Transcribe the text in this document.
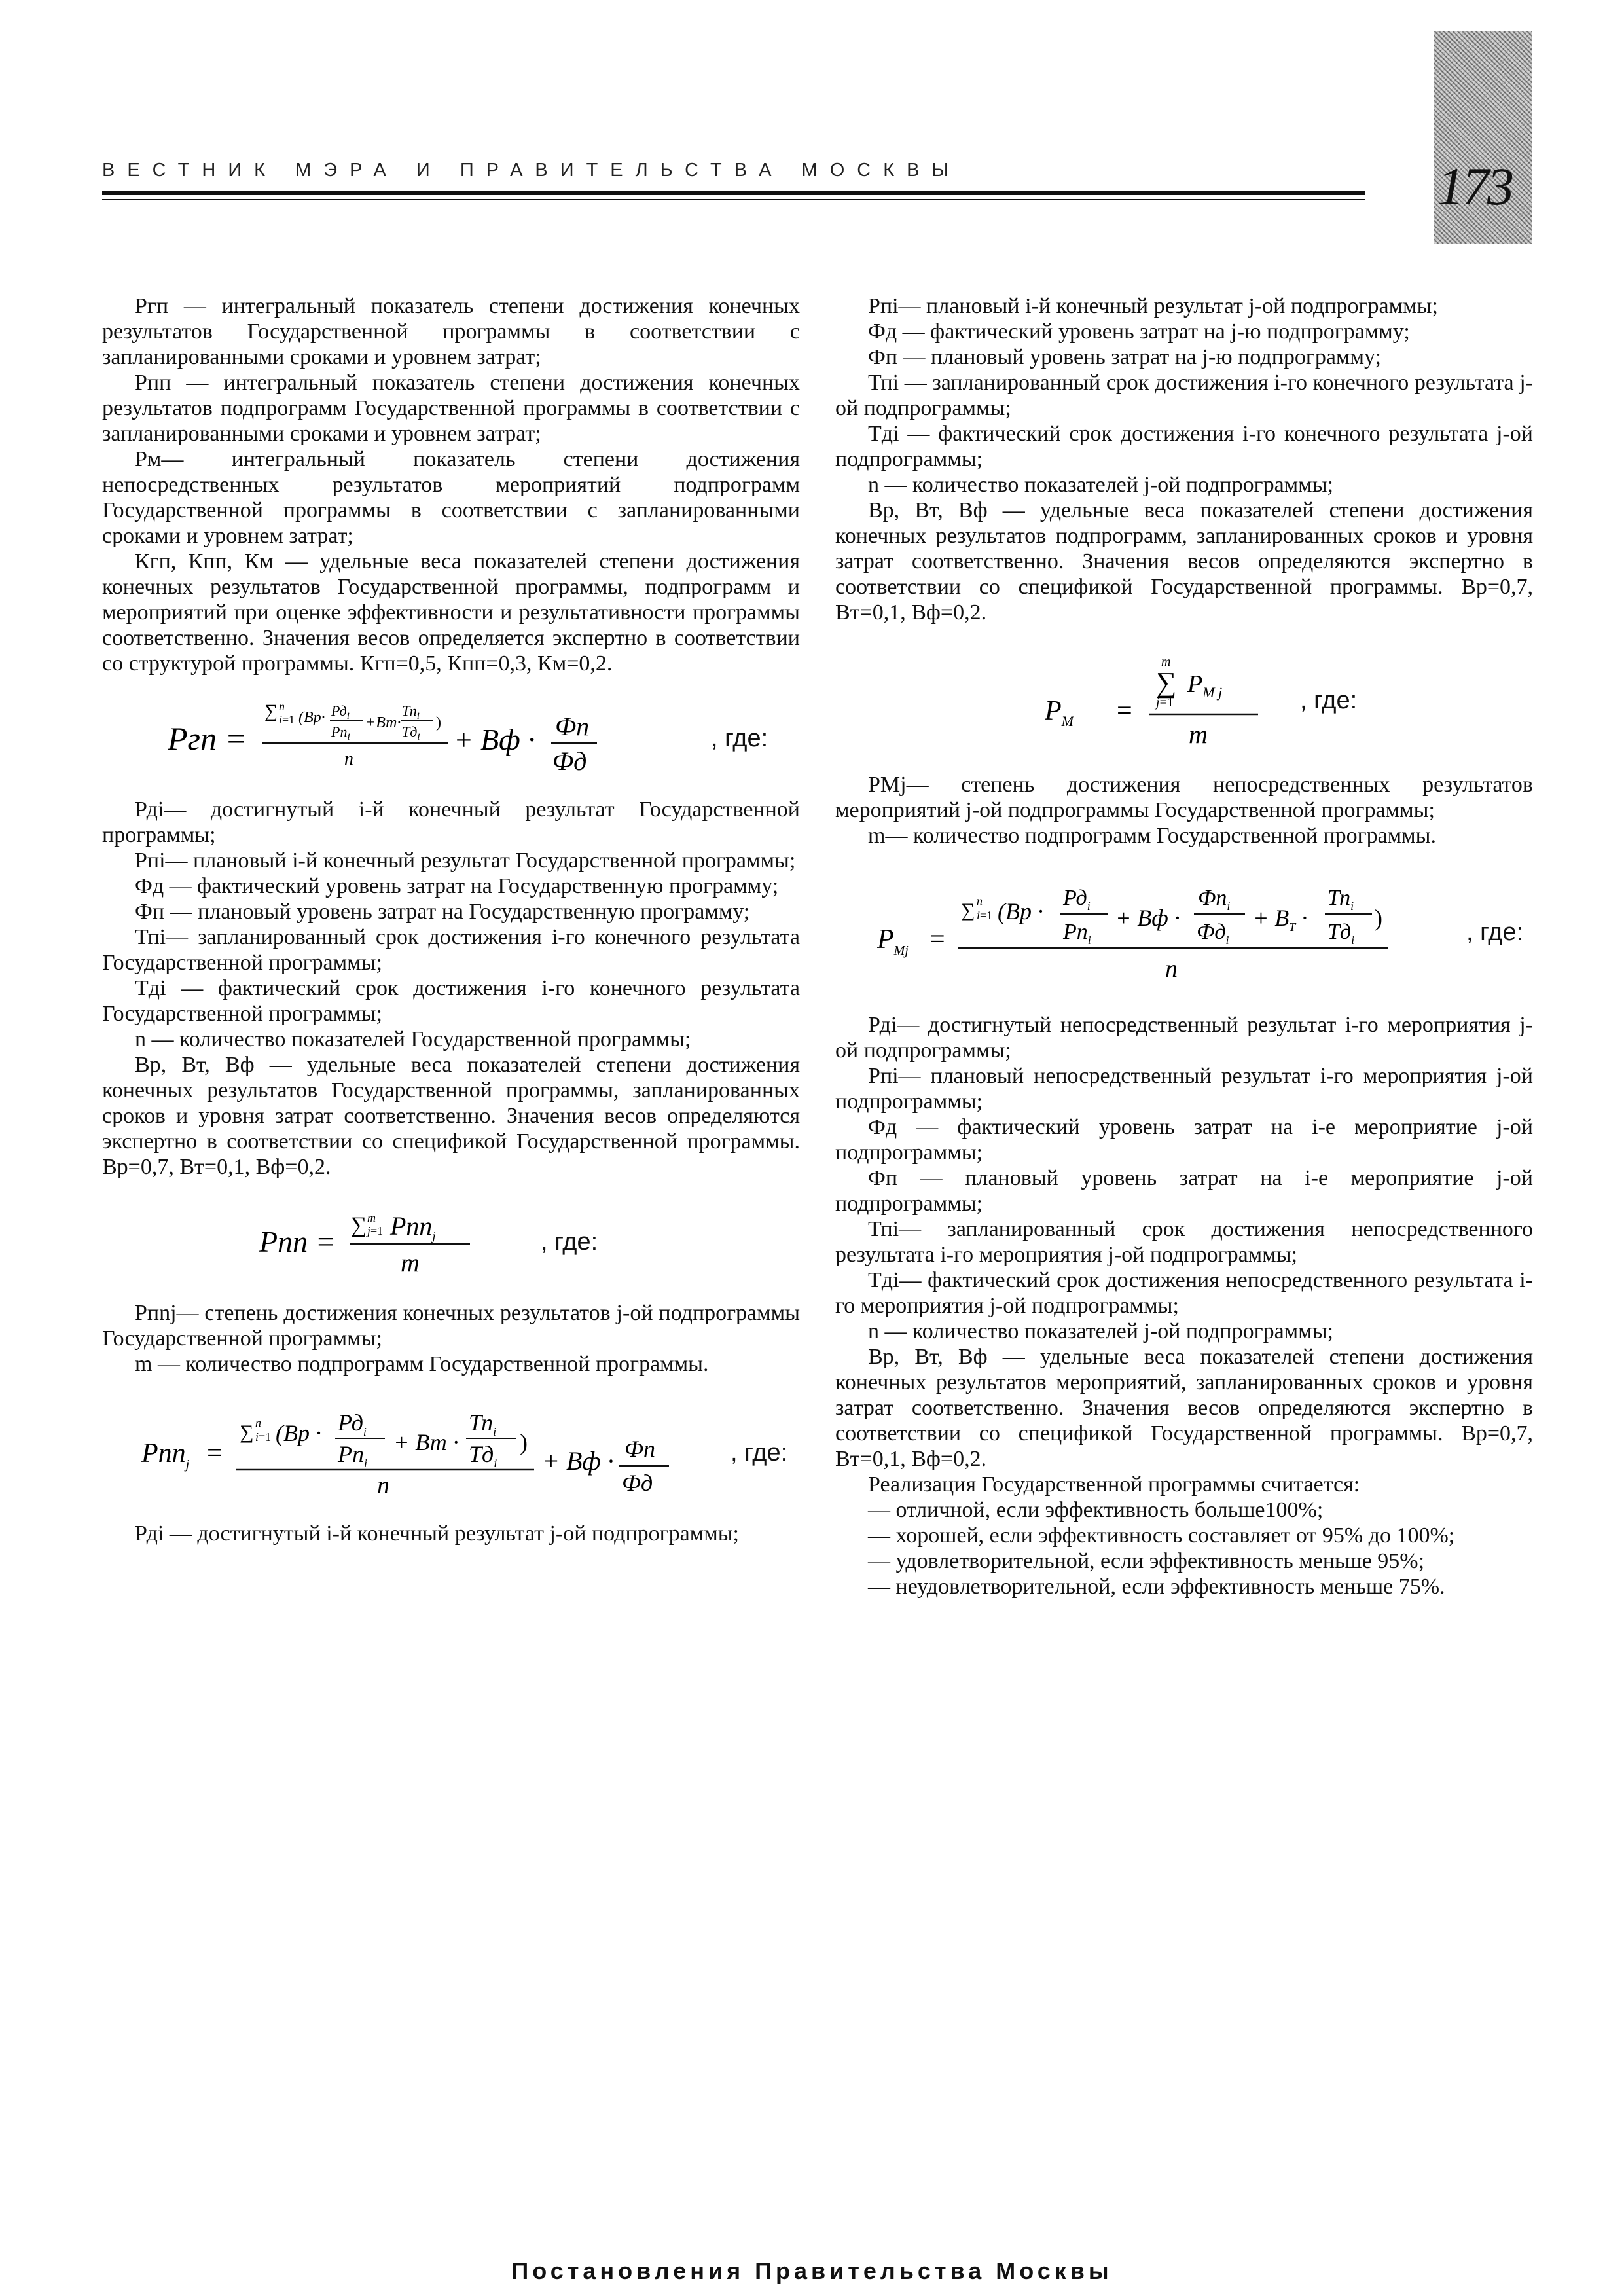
ВЕСТНИК МЭРА И ПРАВИТЕЛЬСТВА МОСКВЫ	173

Ргп — интегральный показатель степени достижения конечных результатов Государственной программы в соответствии с запланированными сроками и уровнем затрат;

Рпп — интегральный показатель степени достижения конечных результатов подпрограмм Государственной программы в соответствии с запланированными сроками и уровнем затрат;

Рм— интегральный показатель степени достижения непосредственных результатов мероприятий подпрограмм Государственной программы в соответствии с запланированными сроками и уровнем затрат;

Кгп, Кпп, Км — удельные веса показателей степени достижения конечных результатов Государственной программы, подпрограмм и мероприятий при оценке эффективности и результативности программы соответственно. Значения весов определяется экспертно в соответствии со структурой программы. Кгп=0,5, Кпп=0,3, Км=0,2.

Ргп =
∑ n
i=1 ($Вр\cdot Рд_i$
$Рп_i$
+Вт·
$Тп_i$
$Тд_i$
)
n
+ Вф · Фп
Фд
, где:

Рдi— достигнутый i-й конечный результат Государственной программы;

Рпi— плановый i-й конечный результат Государственной программы;

Фд — фактический уровень затрат на Государственную программу;

Фп — плановый уровень затрат на Государственную программу;

Тпi— запланированный срок достижения i-го конечного результата Государственной программы;

Тдi — фактический срок достижения i-го конечного результата Государственной программы;

n — количество показателей Государственной программы;

Вр, Вт, Вф — удельные веса показателей степени достижения конечных результатов Государственной программы, запланированных сроков и уровня затрат соответственно. Значения весов определяются экспертно в соответствии со спецификой Государственной программы. Вр=0,7, Вт=0,1, Вф=0,2.

Рпп = ∑ m
j=1 Рпп$_j$
m
, где:

Рпnj— степень достижения конечных результатов j-ой подпрограммы Государственной программы;

m — количество подпрограмм Государственной программы.

Рпп$_j$ =
∑ n
i=1 ($Вр \cdot Рд_i$
$Рп_i$
+ Вт ·
$Тп_i$
$Тд_i$
)
n
+ Вф · Фп
Фд
, где:

Рдi — достигнутый i-й конечный результат j-ой подпрограммы;

Рпi— плановый i-й конечный результат j-ой подпрограммы;

Фд — фактический уровень затрат на j-ю подпрограмму;

Фп — плановый уровень затрат на j-ю подпрограмму;

Тпi — запланированный срок достижения i-го конечного результата j-ой подпрограммы;

Тдi — фактический срок достижения i-го конечного результата j-ой подпрограммы;

n — количество показателей j-ой подпрограммы;

Вр, Вт, Вф — удельные веса показателей степени достижения конечных результатов подпрограмм, запланированных сроков и уровня затрат соответственно. Значения весов определяются экспертно в соответствии со спецификой Государственной программы. Вр=0,7, Вт=0,1, Вф=0,2.

m
∑
j=1
$P_{M j}$
$P_M$ =
m
, где:

РМj— степень достижения непосредственных результатов мероприятий j-ой подпрограммы Государственной программы;

m— количество подпрограмм Государственной программы.

$P_{Mj}$ =
∑ n
i=1 (Вр ·
$Рд_i$
$Рп_i$
+ Вф ·
$Фп_i$
$Фд_i$
+ $В_T$ ·
$Тп_i$
$Тд_i$
)
n
, где:

Рдi— достигнутый непосредственный результат i-го мероприятия j-ой подпрограммы;

Рпi— плановый непосредственный результат i-го мероприятия j-ой подпрограммы;

Фд — фактический уровень затрат на i-е мероприятие j-ой подпрограммы;

Фп — плановый уровень затрат на i-е мероприятие j-ой подпрограммы;

Тпi— запланированный срок достижения непосредственного результата i-го мероприятия j-ой подпрограммы;

Тдi— фактический срок достижения непосредственного результата i-го мероприятия j-ой подпрограммы;

n — количество показателей j-ой подпрограммы;

Вр, Вт, Вф — удельные веса показателей степени достижения конечных результатов мероприятий, запланированных сроков и уровня затрат соответственно. Значения весов определяются экспертно в соответствии со спецификой Государственной программы. Вр=0,7, Вт=0,1, Вф=0,2.

Реализация Государственной программы считается:

— отличной, если эффективность больше100%;

— хорошей, если эффективность составляет от 95% до 100%;

— удовлетворительной, если эффективность меньше 95%;

— неудовлетворительной, если эффективность меньше 75%.

Постановления Правительства Москвы
